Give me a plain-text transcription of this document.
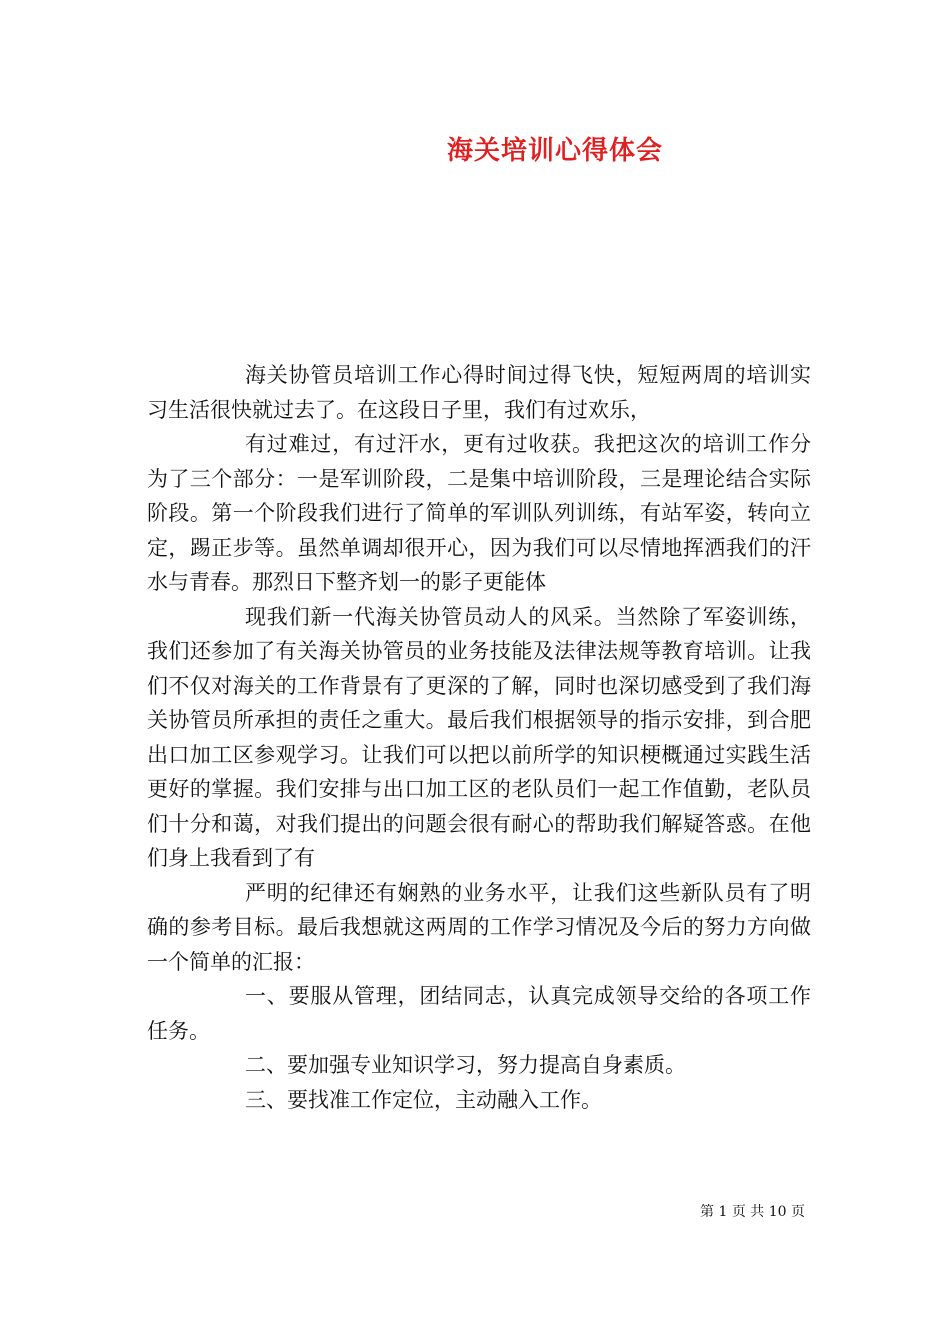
海关培训心得体会

海关协管员培训工作心得时间过得飞快，短短两周的培训实习生活很快就过去了。在这段日子里，我们有过欢乐，

有过难过，有过汗水，更有过收获。我把这次的培训工作分为了三个部分：一是军训阶段，二是集中培训阶段，三是理论结合实际阶段。第一个阶段我们进行了简单的军训队列训练，有站军姿，转向立定，踢正步等。虽然单调却很开心，因为我们可以尽情地挥洒我们的汗水与青春。那烈日下整齐划一的影子更能体

现我们新一代海关协管员动人的风采。当然除了军姿训练，我们还参加了有关海关协管员的业务技能及法律法规等教育培训。让我们不仅对海关的工作背景有了更深的了解，同时也深切感受到了我们海关协管员所承担的责任之重大。最后我们根据领导的指示安排，到合肥出口加工区参观学习。让我们可以把以前所学的知识梗概通过实践生活更好的掌握。我们安排与出口加工区的老队员们一起工作值勤，老队员们十分和蔼，对我们提出的问题会很有耐心的帮助我们解疑答惑。在他们身上我看到了有

严明的纪律还有娴熟的业务水平，让我们这些新队员有了明确的参考目标。最后我想就这两周的工作学习情况及今后的努力方向做一个简单的汇报：

一、要服从管理，团结同志，认真完成领导交给的各项工作任务。

二、要加强专业知识学习，努力提高自身素质。

三、要找准工作定位，主动融入工作。

第 1 页 共 10 页
